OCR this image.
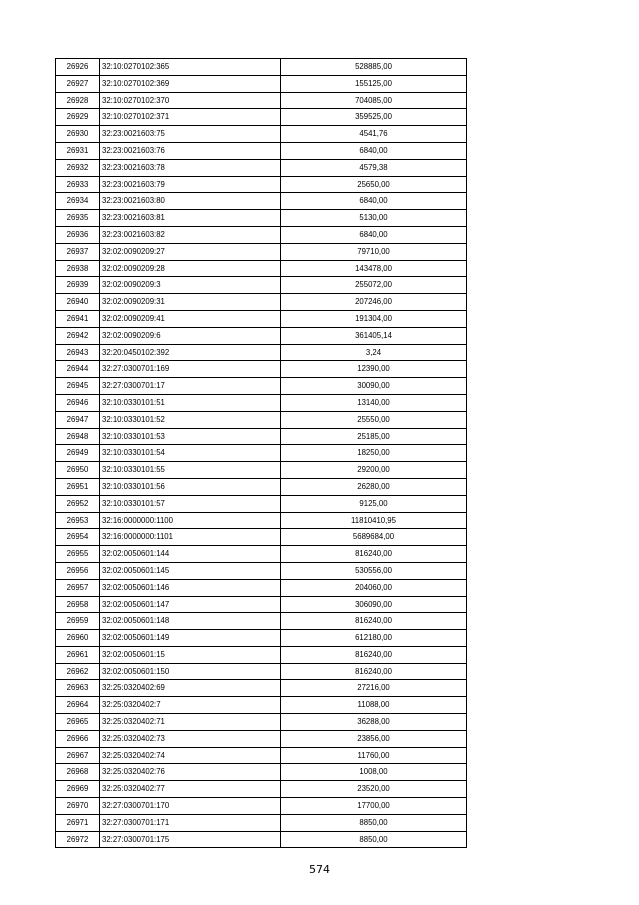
26926	32:10:0270102:365	528885,00
26927	32:10:0270102:369	155125,00
26928	32:10:0270102:370	704085,00
26929	32:10:0270102:371	359525,00
26930	32:23:0021603:75	4541,76
26931	32:23:0021603:76	6840,00
26932	32:23:0021603:78	4579,38
26933	32:23:0021603:79	25650,00
26934	32:23:0021603:80	6840,00
26935	32:23:0021603:81	5130,00
26936	32:23:0021603:82	6840,00
26937	32:02:0090209:27	79710,00
26938	32:02:0090209:28	143478,00
26939	32:02:0090209:3	255072,00
26940	32:02:0090209:31	207246,00
26941	32:02:0090209:41	191304,00
26942	32:02:0090209:6	361405,14
26943	32:20:0450102:392	3,24
26944	32:27:0300701:169	12390,00
26945	32:27:0300701:17	30090,00
26946	32:10:0330101:51	13140,00
26947	32:10:0330101:52	25550,00
26948	32:10:0330101:53	25185,00
26949	32:10:0330101:54	18250,00
26950	32:10:0330101:55	29200,00
26951	32:10:0330101:56	26280,00
26952	32:10:0330101:57	9125,00
26953	32:16:0000000:1100	11810410,95
26954	32:16:0000000:1101	5689684,00
26955	32:02:0050601:144	816240,00
26956	32:02:0050601:145	530556,00
26957	32:02:0050601:146	204060,00
26958	32:02:0050601:147	306090,00
26959	32:02:0050601:148	816240,00
26960	32:02:0050601:149	612180,00
26961	32:02:0050601:15	816240,00
26962	32:02:0050601:150	816240,00
26963	32:25:0320402:69	27216,00
26964	32:25:0320402:7	11088,00
26965	32:25:0320402:71	36288,00
26966	32:25:0320402:73	23856,00
26967	32:25:0320402:74	11760,00
26968	32:25:0320402:76	1008,00
26969	32:25:0320402:77	23520,00
26970	32:27:0300701:170	17700,00
26971	32:27:0300701:171	8850,00
26972	32:27:0300701:175	8850,00
574
